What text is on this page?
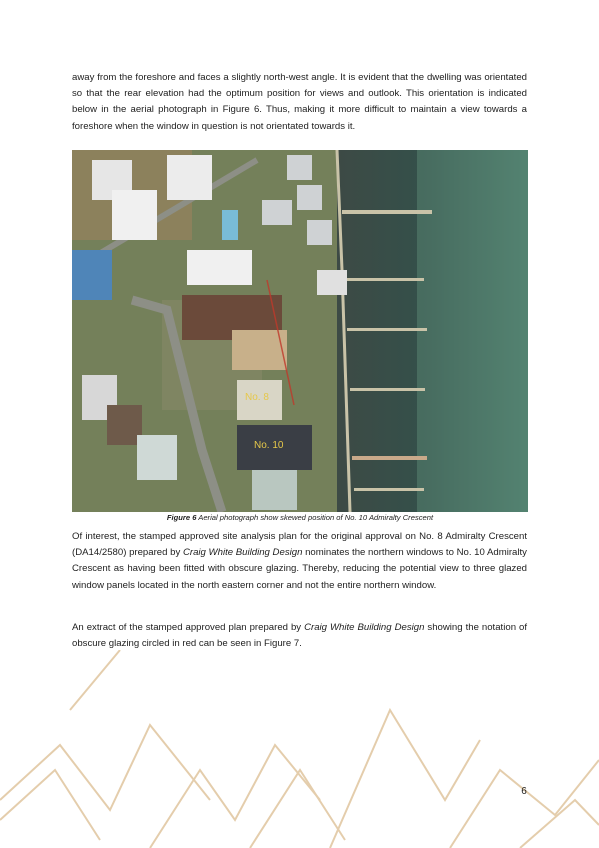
away from the foreshore and faces a slightly north-west angle. It is evident that the dwelling was orientated so that the rear elevation had the optimum position for views and outlook. This orientation is indicated below in the aerial photograph in Figure 6. Thus, making it more difficult to maintain a view towards a foreshore when the window in question is not orientated towards it.

No. 8
No. 10

Figure 6 Aerial photograph show skewed position of No. 10 Admiralty Crescent

Of interest, the stamped approved site analysis plan for the original approval on No. 8 Admiralty Crescent (DA14/2580) prepared by Craig White Building Design nominates the northern windows to No. 10 Admiralty Crescent as having been fitted with obscure glazing. Thereby, reducing the potential view to three glazed window panels located in the north eastern corner and not the entire northern window.

An extract of the stamped approved plan prepared by Craig White Building Design showing the notation of obscure glazing circled in red can be seen in Figure 7.

6
